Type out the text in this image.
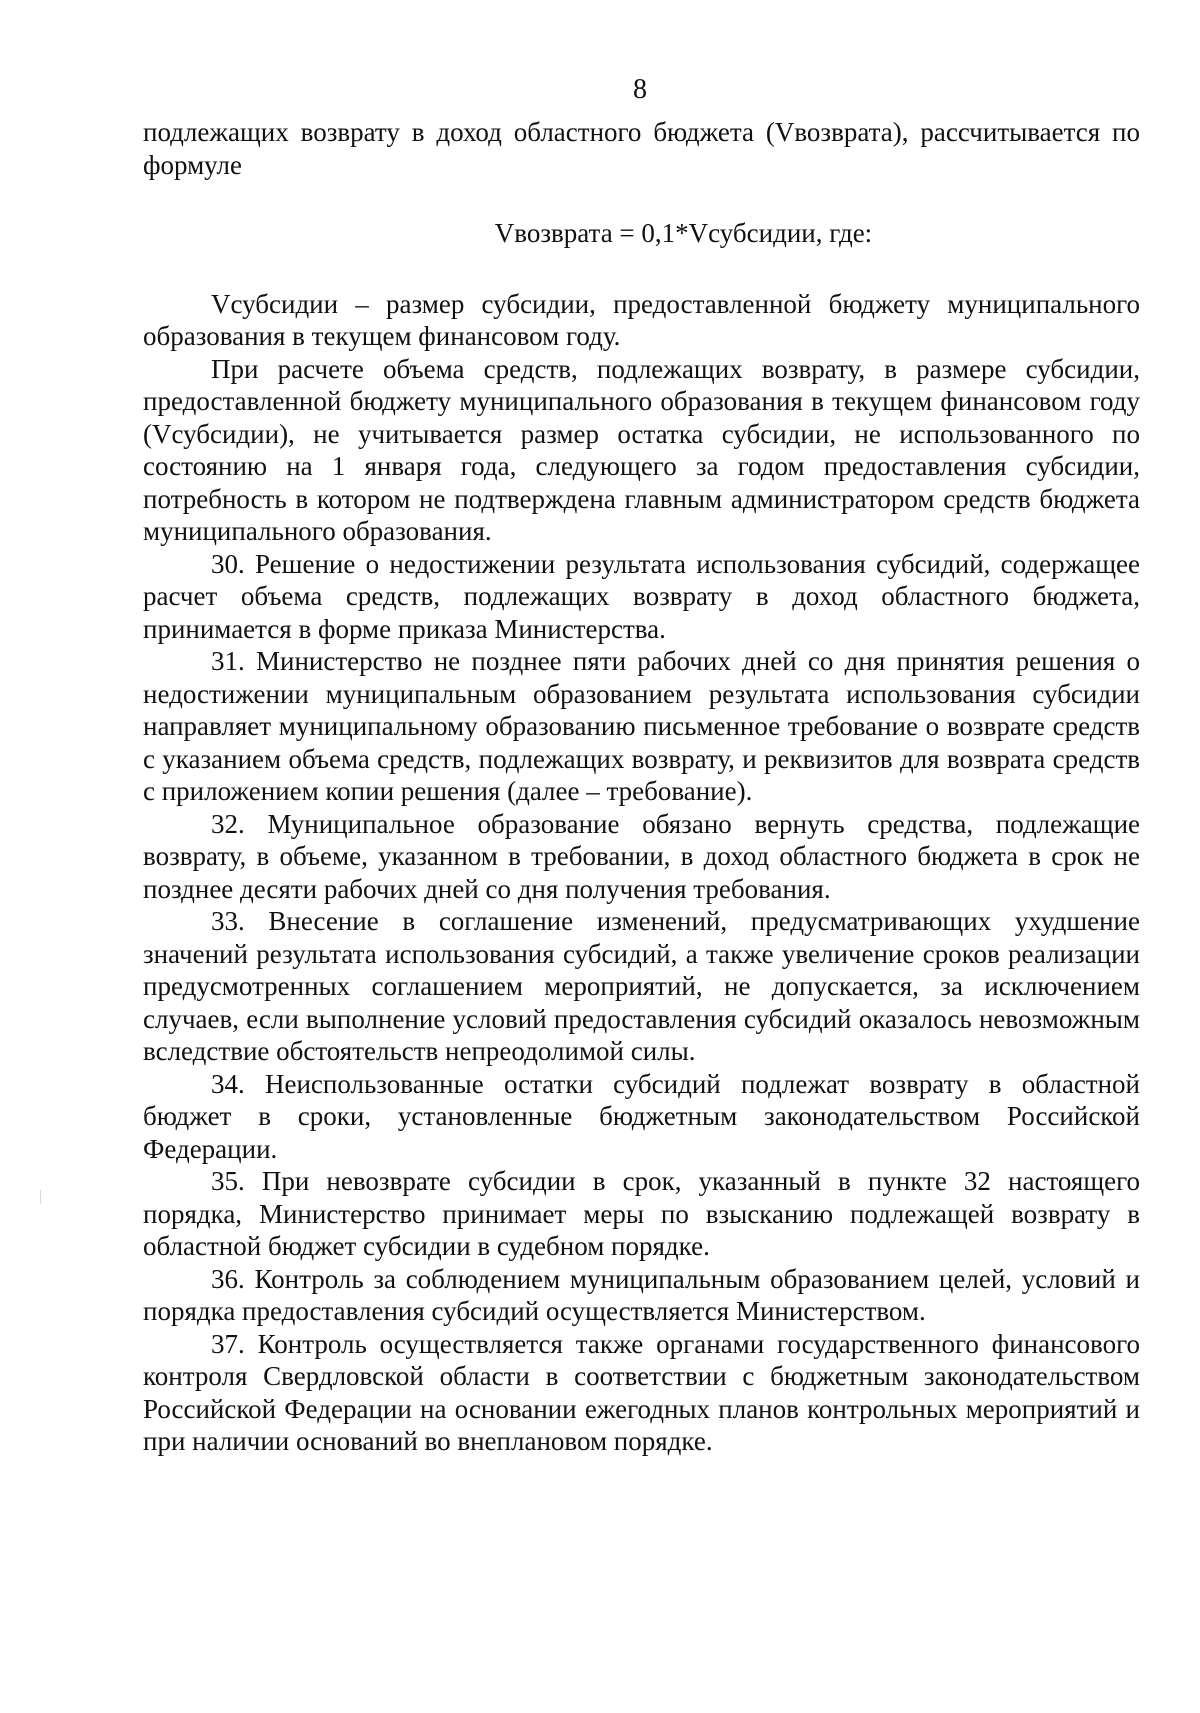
8

подлежащих возврату в доход областного бюджета (Vвозврата), рассчитывается по формуле

Vвозврата = 0,1*Vсубсидии, где:

Vсубсидии – размер субсидии, предоставленной бюджету муниципального образования в текущем финансовом году.

При расчете объема средств, подлежащих возврату, в размере субсидии, предоставленной бюджету муниципального образования в текущем финансовом году (Vсубсидии), не учитывается размер остатка субсидии, не использованного по состоянию на 1 января года, следующего за годом предоставления субсидии, потребность в котором не подтверждена главным администратором средств бюджета муниципального образования.

30. Решение о недостижении результата использования субсидий, содержащее расчет объема средств, подлежащих возврату в доход областного бюджета, принимается в форме приказа Министерства.

31. Министерство не позднее пяти рабочих дней со дня принятия решения о недостижении муниципальным образованием результата использования субсидии направляет муниципальному образованию письменное требование о возврате средств с указанием объема средств, подлежащих возврату, и реквизитов для возврата средств с приложением копии решения (далее – требование).

32. Муниципальное образование обязано вернуть средства, подлежащие возврату, в объеме, указанном в требовании, в доход областного бюджета в срок не позднее десяти рабочих дней со дня получения требования.

33. Внесение в соглашение изменений, предусматривающих ухудшение значений результата использования субсидий, а также увеличение сроков реализации предусмотренных соглашением мероприятий, не допускается, за исключением случаев, если выполнение условий предоставления субсидий оказалось невозможным вследствие обстоятельств непреодолимой силы.

34. Неиспользованные остатки субсидий подлежат возврату в областной бюджет в сроки, установленные бюджетным законодательством Российской Федерации.

35. При невозврате субсидии в срок, указанный в пункте 32 настоящего порядка, Министерство принимает меры по взысканию подлежащей возврату в областной бюджет субсидии в судебном порядке.

36. Контроль за соблюдением муниципальным образованием целей, условий и порядка предоставления субсидий осуществляется Министерством.

37. Контроль осуществляется также органами государственного финансового контроля Свердловской области в соответствии с бюджетным законодательством Российской Федерации на основании ежегодных планов контрольных мероприятий и при наличии оснований во внеплановом порядке.
